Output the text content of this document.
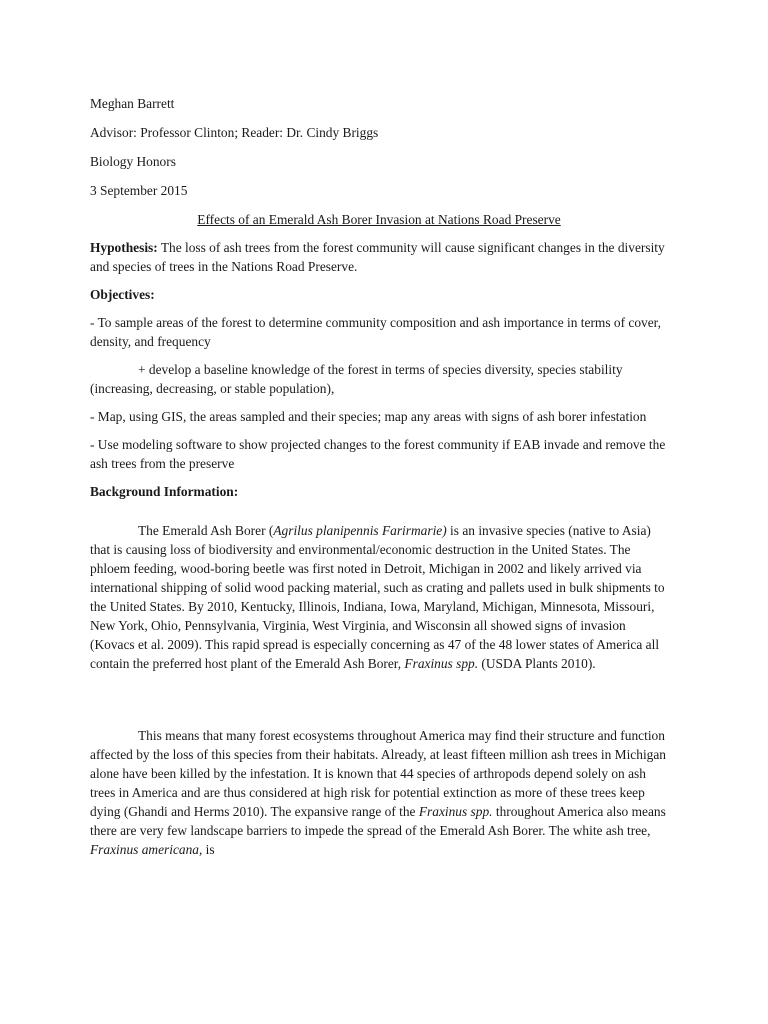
Meghan Barrett

Advisor: Professor Clinton; Reader: Dr. Cindy Briggs

Biology Honors

3 September 2015

Effects of an Emerald Ash Borer Invasion at Nations Road Preserve

Hypothesis: The loss of ash trees from the forest community will cause significant changes in the diversity and species of trees in the Nations Road Preserve.

Objectives:

- To sample areas of the forest to determine community composition and ash importance in terms of cover, density, and frequency

+ develop a baseline knowledge of the forest in terms of species diversity, species stability (increasing, decreasing, or stable population),

- Map, using GIS, the areas sampled and their species; map any areas with signs of ash borer infestation

- Use modeling software to show projected changes to the forest community if EAB invade and remove the ash trees from the preserve

Background Information:

The Emerald Ash Borer (Agrilus planipennis Farirmarie) is an invasive species (native to Asia) that is causing loss of biodiversity and environmental/economic destruction in the United States. The phloem feeding, wood-boring beetle was first noted in Detroit, Michigan in 2002 and likely arrived via international shipping of solid wood packing material, such as crating and pallets used in bulk shipments to the United States. By 2010, Kentucky, Illinois, Indiana, Iowa, Maryland, Michigan, Minnesota, Missouri, New York, Ohio, Pennsylvania, Virginia, West Virginia, and Wisconsin all showed signs of invasion (Kovacs et al. 2009). This rapid spread is especially concerning as 47 of the 48 lower states of America all contain the preferred host plant of the Emerald Ash Borer, Fraxinus spp. (USDA Plants 2010).

This means that many forest ecosystems throughout America may find their structure and function affected by the loss of this species from their habitats. Already, at least fifteen million ash trees in Michigan alone have been killed by the infestation. It is known that 44 species of arthropods depend solely on ash trees in America and are thus considered at high risk for potential extinction as more of these trees keep dying (Ghandi and Herms 2010). The expansive range of the Fraxinus spp. throughout America also means there are very few landscape barriers to impede the spread of the Emerald Ash Borer. The white ash tree, Fraxinus americana, is
